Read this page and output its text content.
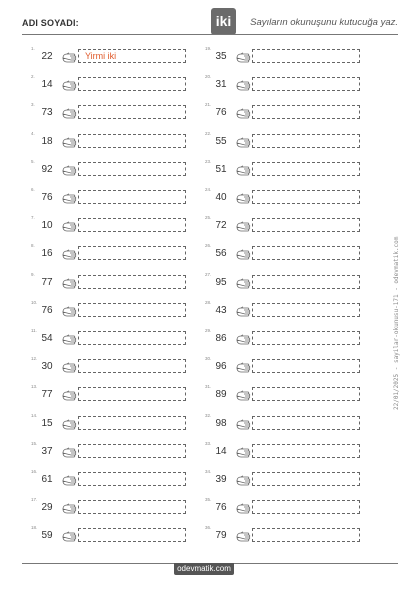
ADI SOYADI:	iki	Sayıların okunuşunu kutucuğa yaz.
1.
22	Yirmi iki
2.
14
3.
73
4.
18
5.
92
6.
76
7.
10
8.
16
9.
77
10.
76
11.
54
12.
30
13.
77
14.
15
15.
37
16.
61
17.
29
18.
59
19.
35
20.
31
21.
76
22.
55
23.
51
24.
40
25.
72
26.
56
27.
95
28.
43
29.
86
30.
96
31.
89
32.
98
33.
14
34.
39
35.
76
36.
79
22/01/2025 - sayilar-okunusu-171 - odevmatik.com
odevmatik.com
